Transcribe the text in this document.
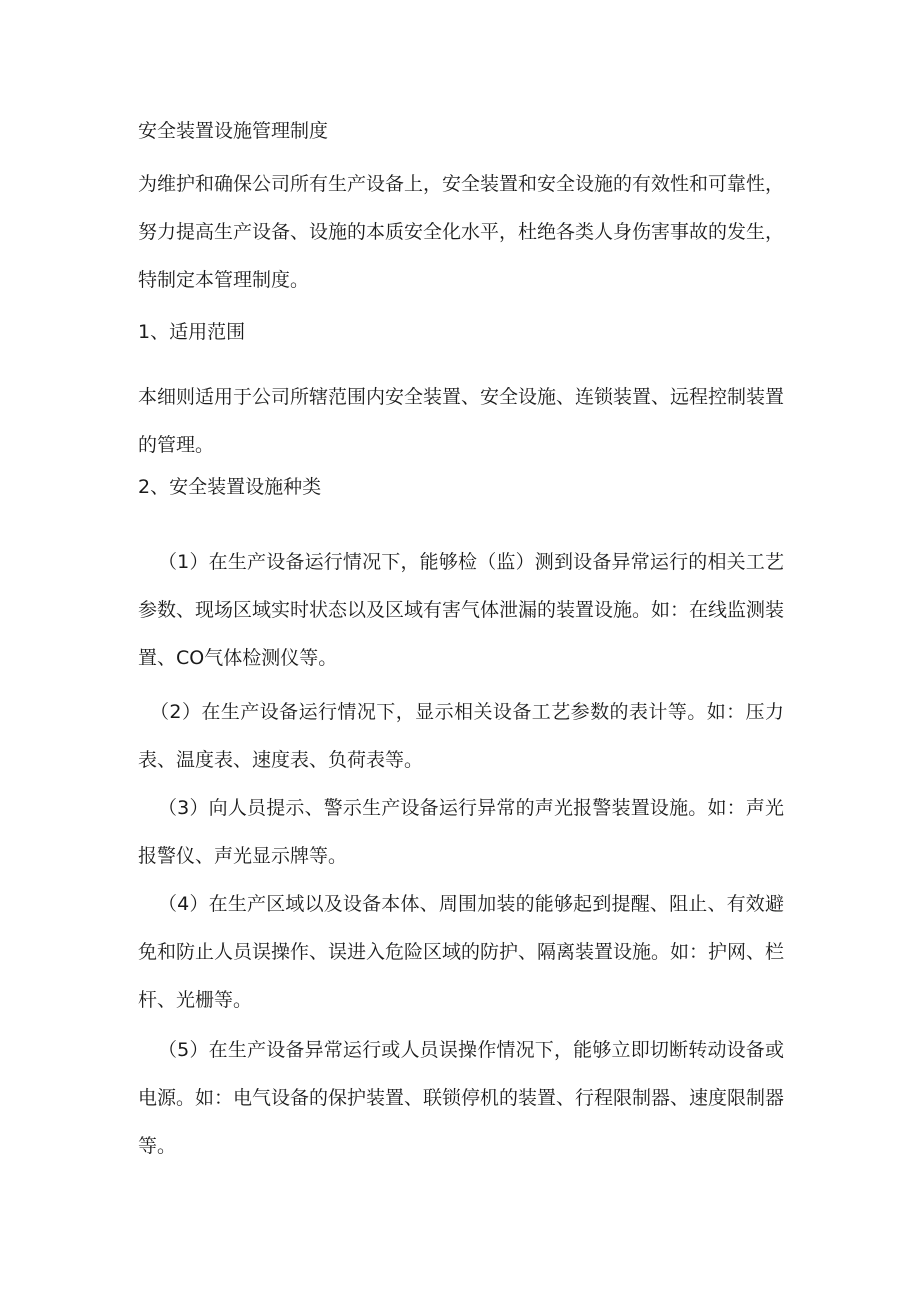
安全装置设施管理制度

为维护和确保公司所有生产设备上，安全装置和安全设施的有效性和可靠性，努力提高生产设备、设施的本质安全化水平，杜绝各类人身伤害事故的发生，特制定本管理制度。

1、适用范围

本细则适用于公司所辖范围内安全装置、安全设施、连锁装置、远程控制装置的管理。

2、安全装置设施种类

（1）在生产设备运行情况下，能够检（监）测到设备异常运行的相关工艺参数、现场区域实时状态以及区域有害气体泄漏的装置设施。如：在线监测装置、CO气体检测仪等。

（2）在生产设备运行情况下，显示相关设备工艺参数的表计等。如：压力表、温度表、速度表、负荷表等。

（3）向人员提示、警示生产设备运行异常的声光报警装置设施。如：声光报警仪、声光显示牌等。

（4）在生产区域以及设备本体、周围加装的能够起到提醒、阻止、有效避免和防止人员误操作、误进入危险区域的防护、隔离装置设施。如：护网、栏杆、光栅等。

（5）在生产设备异常运行或人员误操作情况下，能够立即切断转动设备或电源。如：电气设备的保护装置、联锁停机的装置、行程限制器、速度限制器等。
